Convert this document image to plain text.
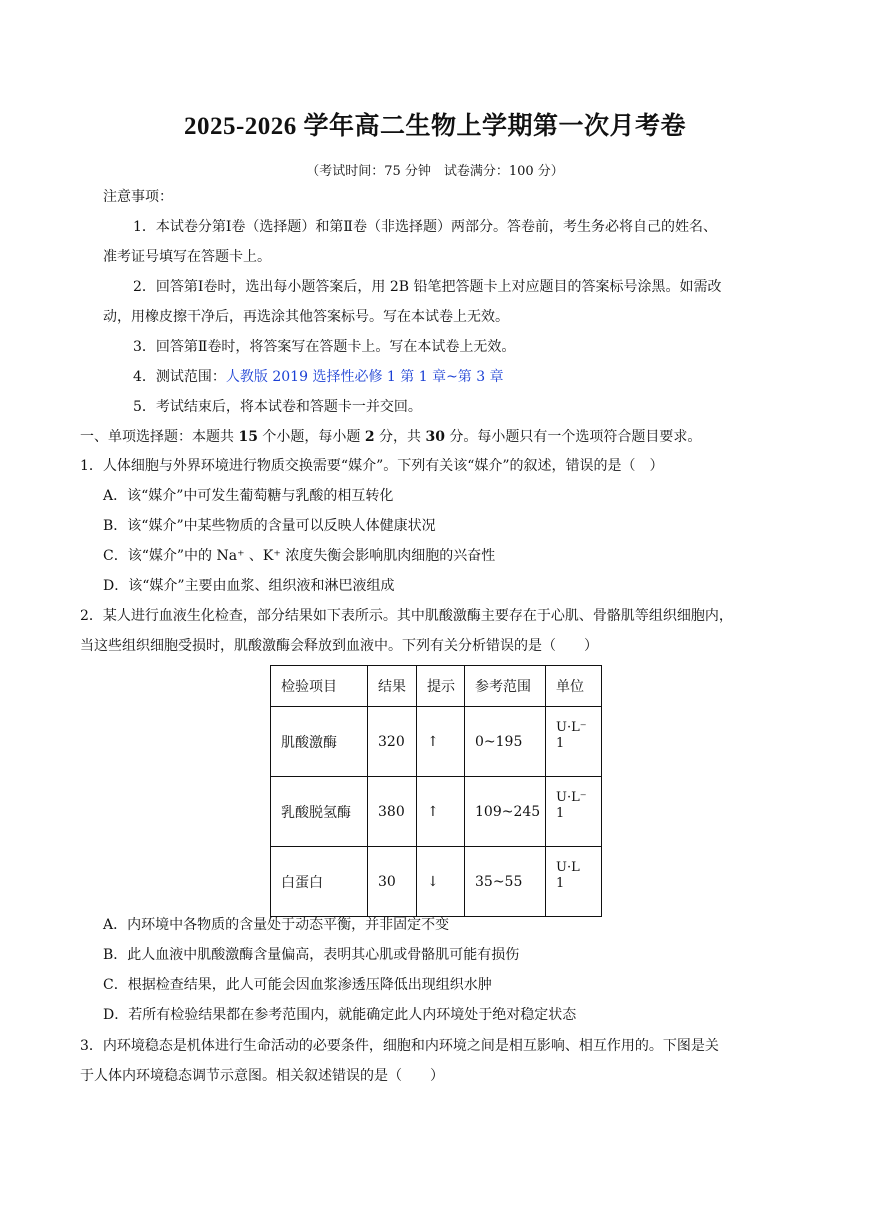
2025-2026 学年高二生物上学期第一次月考卷
（考试时间：75 分钟　试卷满分：100 分）
注意事项：
1．本试卷分第Ⅰ卷（选择题）和第Ⅱ卷（非选择题）两部分。答卷前，考生务必将自己的姓名、
准考证号填写在答题卡上。
2．回答第Ⅰ卷时，选出每小题答案后，用 2B 铅笔把答题卡上对应题目的答案标号涂黑。如需改
动，用橡皮擦干净后，再选涂其他答案标号。写在本试卷上无效。
3．回答第Ⅱ卷时，将答案写在答题卡上。写在本试卷上无效。
4．测试范围：人教版 2019 选择性必修 1 第 1 章~第 3 章
5．考试结束后，将本试卷和答题卡一并交回。
一、单项选择题：本题共 15 个小题，每小题 2 分，共 30 分。每小题只有一个选项符合题目要求。
1．人体细胞与外界环境进行物质交换需要“媒介”。下列有关该“媒介”的叙述，错误的是（　）
A．该“媒介”中可发生葡萄糖与乳酸的相互转化
B．该“媒介”中某些物质的含量可以反映人体健康状况
C．该“媒介”中的 Na⁺ 、K⁺ 浓度失衡会影响肌肉细胞的兴奋性
D．该“媒介”主要由血浆、组织液和淋巴液组成
2．某人进行血液生化检查，部分结果如下表所示。其中肌酸激酶主要存在于心肌、骨骼肌等组织细胞内，
当这些组织细胞受损时，肌酸激酶会释放到血液中。下列有关分析错误的是（　　）
检验项目	结果	提示	参考范围	单位
肌酸激酶	320	↑	0~195	U·L⁻
1

乳酸脱氢酶	380	↑	109~245	U·L⁻
1

白蛋白	30	↓	35~55	U·L
1
A．内环境中各物质的含量处于动态平衡，并非固定不变
B．此人血液中肌酸激酶含量偏高，表明其心肌或骨骼肌可能有损伤
C．根据检查结果，此人可能会因血浆渗透压降低出现组织水肿
D．若所有检验结果都在参考范围内，就能确定此人内环境处于绝对稳定状态
3．内环境稳态是机体进行生命活动的必要条件，细胞和内环境之间是相互影响、相互作用的。下图是关
于人体内环境稳态调节示意图。相关叙述错误的是（　　）
